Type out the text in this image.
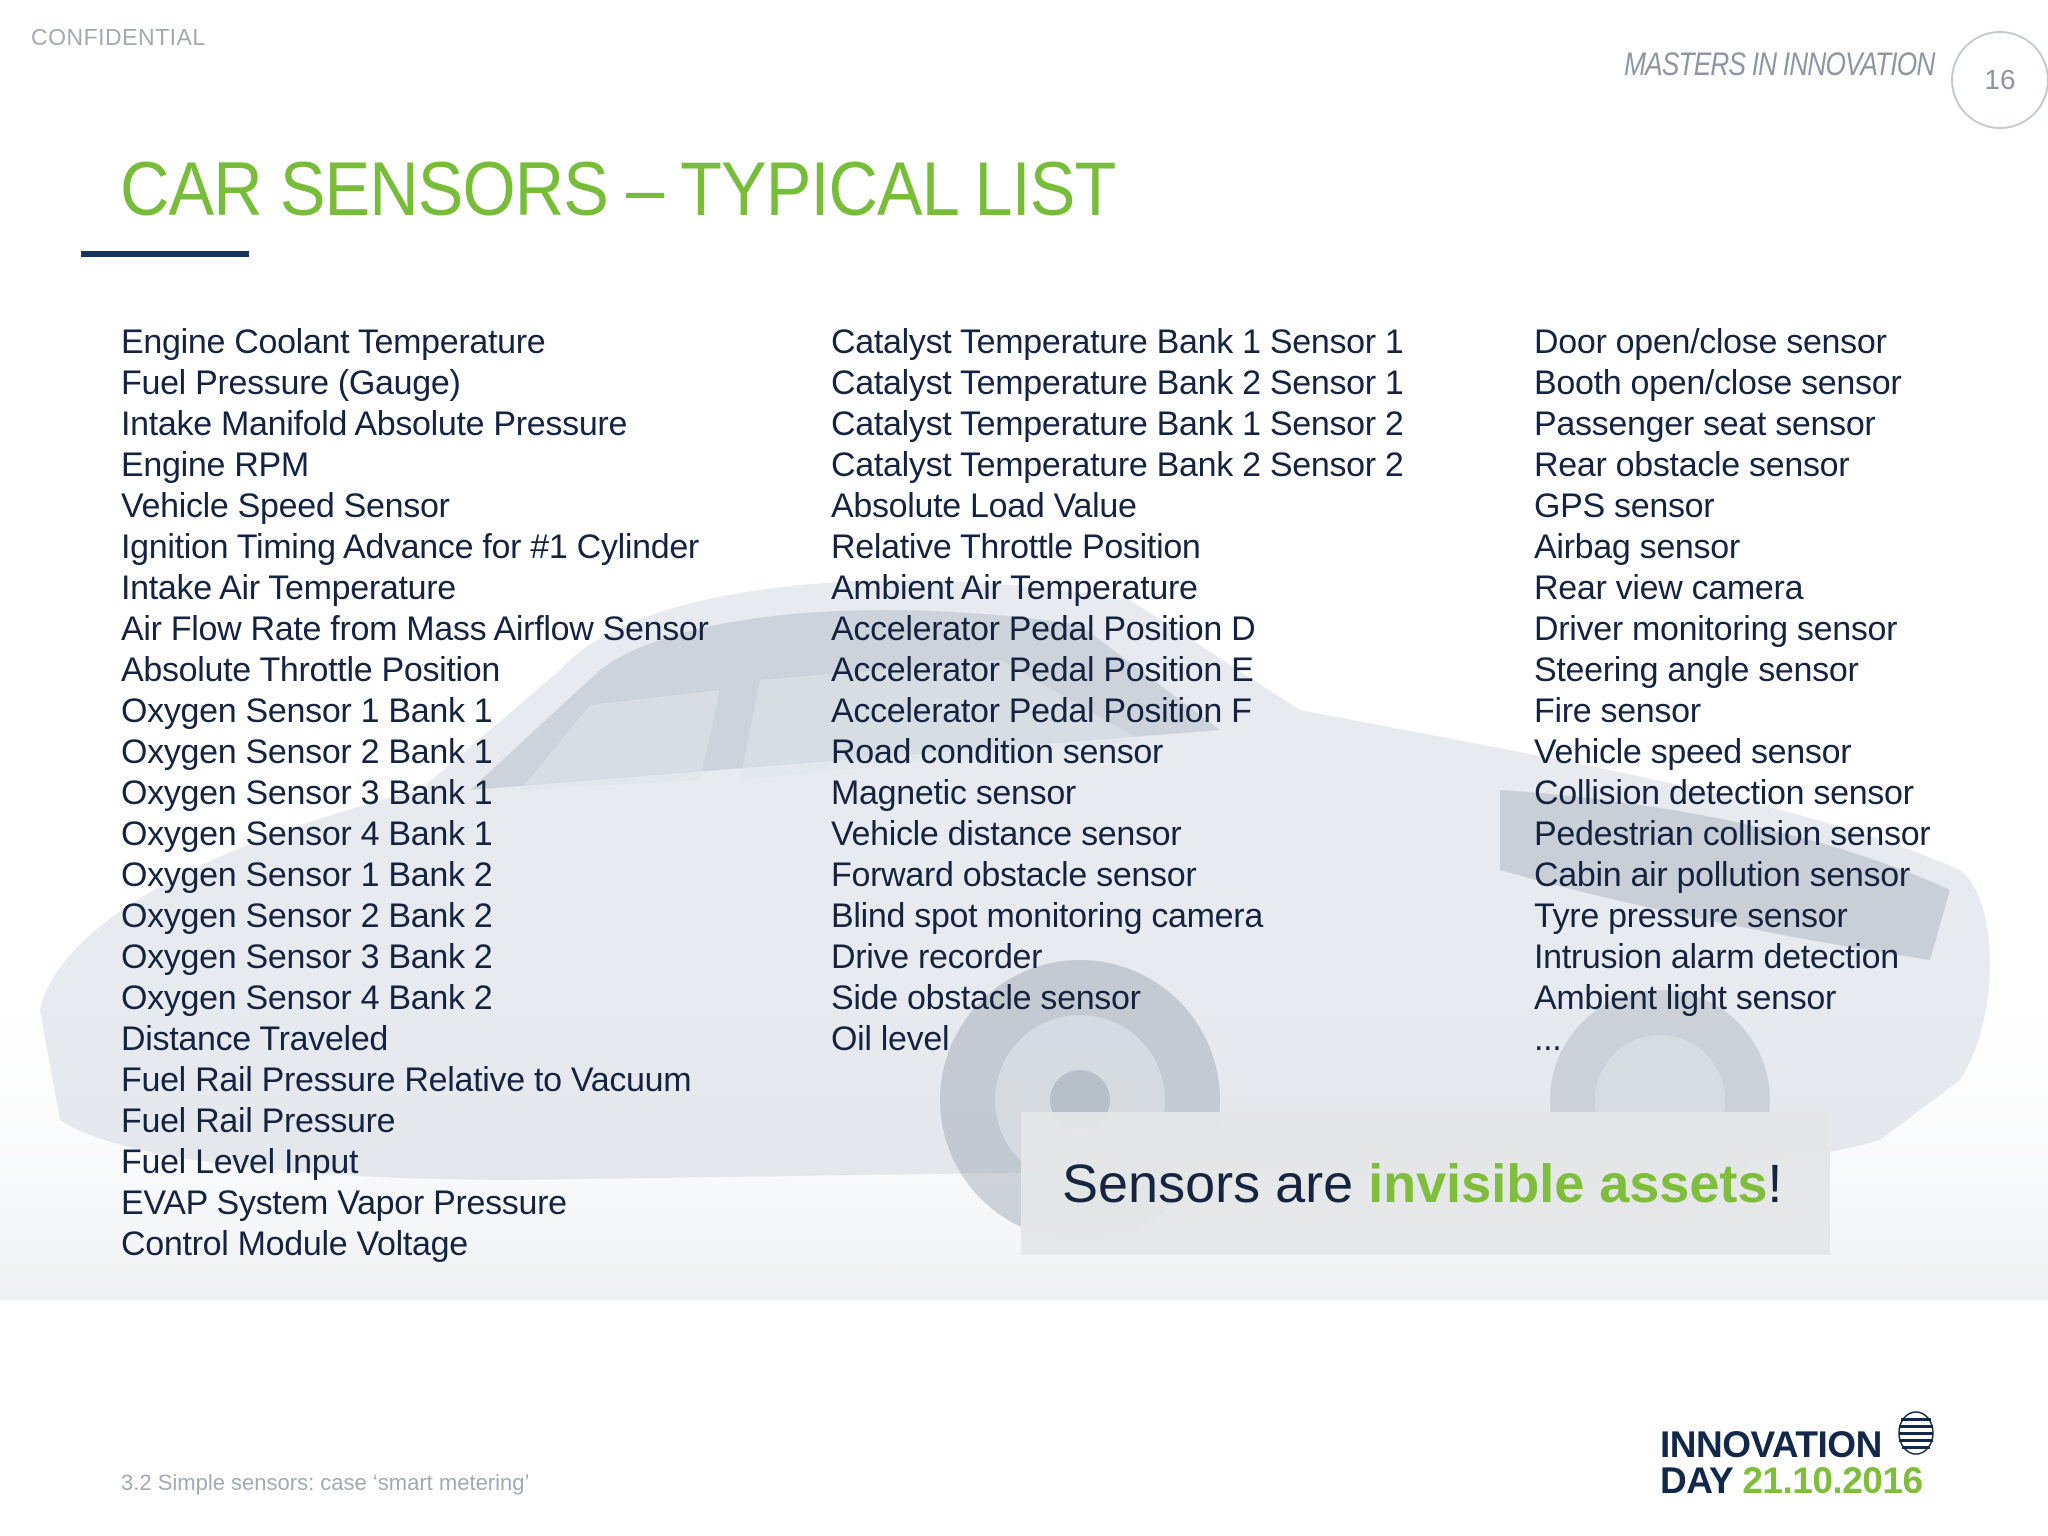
CONFIDENTIAL
MASTERS IN INNOVATION	16
CAR SENSORS – TYPICAL LIST
Engine Coolant Temperature
Fuel Pressure (Gauge)
Intake Manifold Absolute Pressure
Engine RPM
Vehicle Speed Sensor
Ignition Timing Advance for #1 Cylinder
Intake Air Temperature
Air Flow Rate from Mass Airflow Sensor
Absolute Throttle Position
Oxygen Sensor 1 Bank 1
Oxygen Sensor 2 Bank 1
Oxygen Sensor 3 Bank 1
Oxygen Sensor 4 Bank 1
Oxygen Sensor 1 Bank 2
Oxygen Sensor 2 Bank 2
Oxygen Sensor 3 Bank 2
Oxygen Sensor 4 Bank 2
Distance Traveled
Fuel Rail Pressure Relative to Vacuum
Fuel Rail Pressure
Fuel Level Input
EVAP System Vapor Pressure
Control Module Voltage
Catalyst Temperature Bank 1 Sensor 1
Catalyst Temperature Bank 2 Sensor 1
Catalyst Temperature Bank 1 Sensor 2
Catalyst Temperature Bank 2 Sensor 2
Absolute Load Value
Relative Throttle Position
Ambient Air Temperature
Accelerator Pedal Position D
Accelerator Pedal Position E
Accelerator Pedal Position F
Road condition sensor
Magnetic sensor
Vehicle distance sensor
Forward obstacle sensor
Blind spot monitoring camera
Drive recorder
Side obstacle sensor
Oil level
Door open/close sensor
Booth open/close sensor
Passenger seat sensor
Rear obstacle sensor
GPS sensor
Airbag sensor
Rear view camera
Driver monitoring sensor
Steering angle sensor
Fire sensor
Vehicle speed sensor
Collision detection sensor
Pedestrian collision sensor
Cabin air pollution sensor
Tyre pressure sensor
Intrusion alarm detection
Ambient light sensor
...
Sensors are invisible assets !
3.2 Simple sensors: case ‘smart metering’
INNOVATION
DAY 21.10.2016
